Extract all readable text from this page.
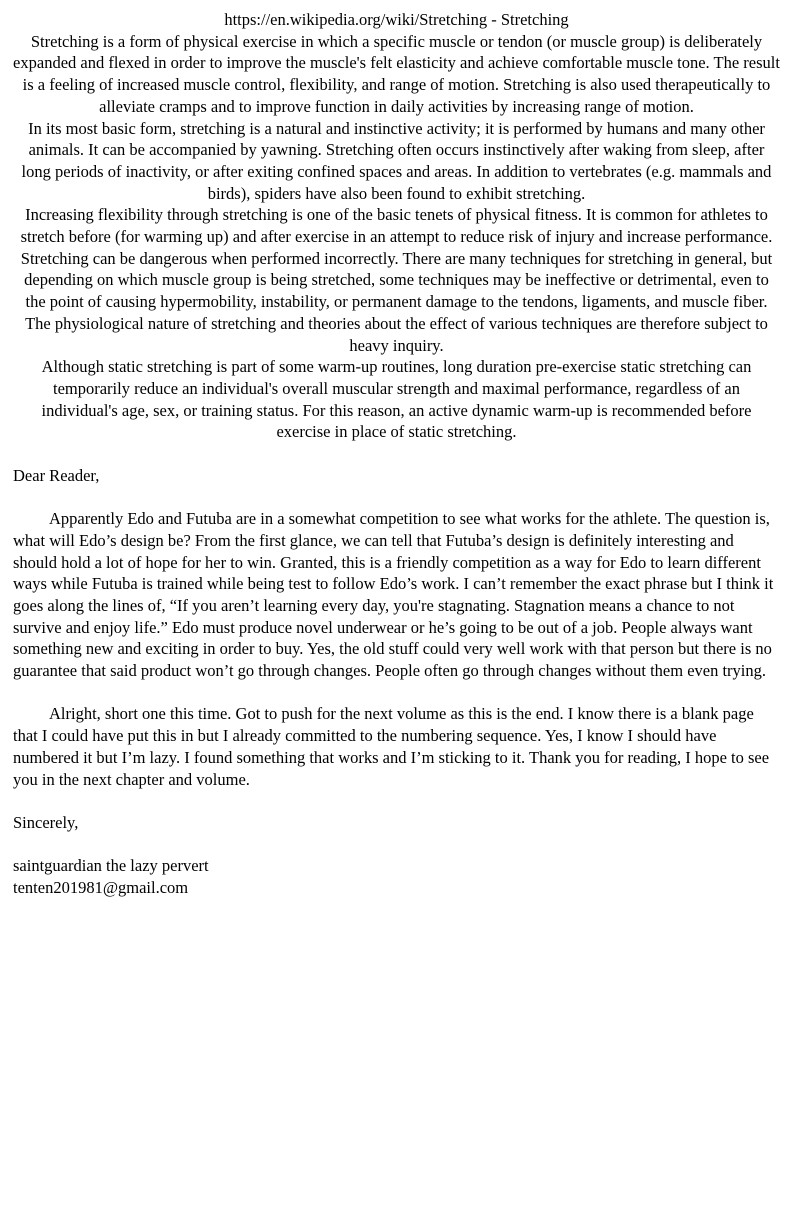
https://en.wikipedia.org/wiki/Stretching - Stretching

Stretching is a form of physical exercise in which a specific muscle or tendon (or muscle group) is deliberately expanded and flexed in order to improve the muscle's felt elasticity and achieve comfortable muscle tone. The result is a feeling of increased muscle control, flexibility, and range of motion. Stretching is also used therapeutically to alleviate cramps and to improve function in daily activities by increasing range of motion.

In its most basic form, stretching is a natural and instinctive activity; it is performed by humans and many other animals. It can be accompanied by yawning. Stretching often occurs instinctively after waking from sleep, after long periods of inactivity, or after exiting confined spaces and areas. In addition to vertebrates (e.g. mammals and birds), spiders have also been found to exhibit stretching.

Increasing flexibility through stretching is one of the basic tenets of physical fitness. It is common for athletes to stretch before (for warming up) and after exercise in an attempt to reduce risk of injury and increase performance.

Stretching can be dangerous when performed incorrectly. There are many techniques for stretching in general, but depending on which muscle group is being stretched, some techniques may be ineffective or detrimental, even to the point of causing hypermobility, instability, or permanent damage to the tendons, ligaments, and muscle fiber. The physiological nature of stretching and theories about the effect of various techniques are therefore subject to heavy inquiry.

Although static stretching is part of some warm-up routines, long duration pre-exercise static stretching can temporarily reduce an individual's overall muscular strength and maximal performance, regardless of an individual's age, sex, or training status. For this reason, an active dynamic warm-up is recommended before exercise in place of static stretching.

Dear Reader,

Apparently Edo and Futuba are in a somewhat competition to see what works for the athlete. The question is, what will Edo’s design be? From the first glance, we can tell that Futuba’s design is definitely interesting and should hold a lot of hope for her to win. Granted, this is a friendly competition as a way for Edo to learn different ways while Futuba is trained while being test to follow Edo’s work. I can’t remember the exact phrase but I think it goes along the lines of, “If you aren’t learning every day, you're stagnating. Stagnation means a chance to not survive and enjoy life.” Edo must produce novel underwear or he’s going to be out of a job. People always want something new and exciting in order to buy. Yes, the old stuff could very well work with that person but there is no guarantee that said product won’t go through changes. People often go through changes without them even trying.

Alright, short one this time. Got to push for the next volume as this is the end. I know there is a blank page that I could have put this in but I already committed to the numbering sequence. Yes, I know I should have numbered it but I’m lazy. I found something that works and I’m sticking to it. Thank you for reading, I hope to see you in the next chapter and volume.

Sincerely,

saintguardian the lazy pervert

tenten201981@gmail.com
